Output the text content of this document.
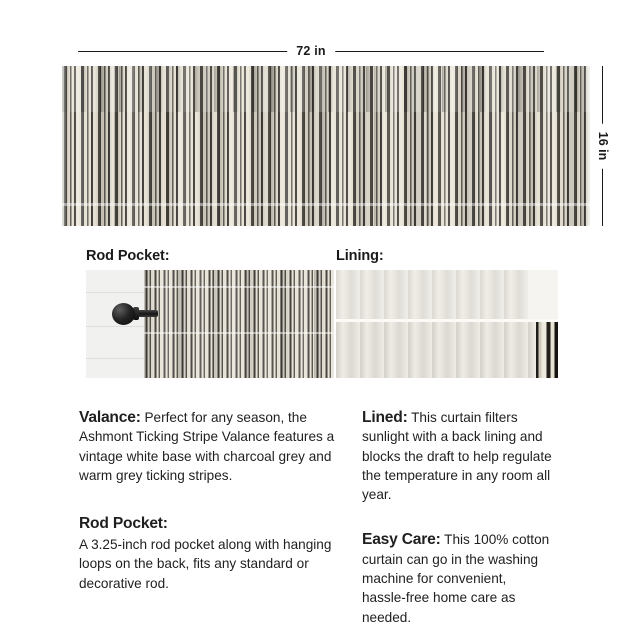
72 in
16 in
Rod Pocket:	Lining:

Valance: Perfect for any season, the Ashmont Ticking Stripe Valance features a vintage white base with charcoal grey and warm grey ticking stripes.

Rod Pocket:
A 3.25-inch rod pocket along with hanging loops on the back, fits any standard or decorative rod.

Lined: This curtain filters sunlight with a back lining and blocks the draft to help regulate the temperature in any room all year.

Easy Care: This 100% cotton curtain can go in the washing machine for convenient, hassle-free home care as needed.
